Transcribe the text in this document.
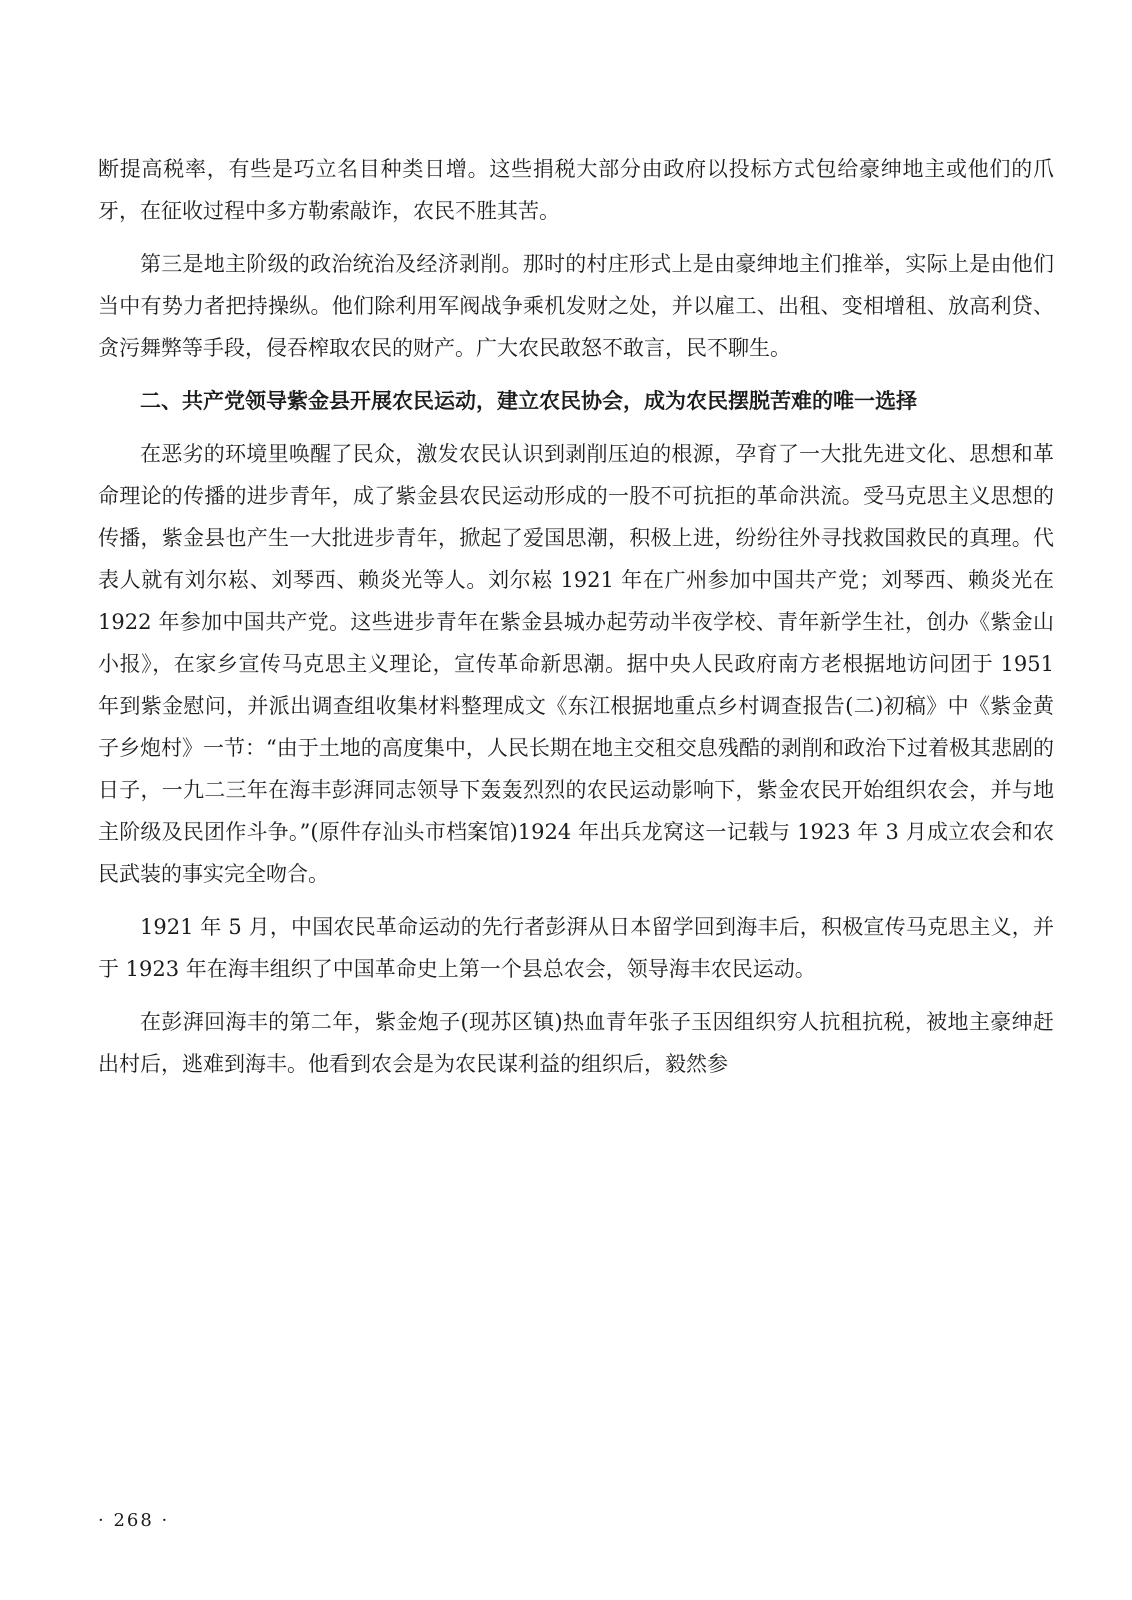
断提高税率，有些是巧立名目种类日增。这些捐税大部分由政府以投标方式包给豪绅地主或他们的爪牙，在征收过程中多方勒索敲诈，农民不胜其苦。

第三是地主阶级的政治统治及经济剥削。那时的村庄形式上是由豪绅地主们推举，实际上是由他们当中有势力者把持操纵。他们除利用军阀战争乘机发财之处，并以雇工、出租、变相增租、放高利贷、贪污舞弊等手段，侵吞榨取农民的财产。广大农民敢怒不敢言，民不聊生。

二、共产党领导紫金县开展农民运动，建立农民协会，成为农民摆脱苦难的唯一选择

在恶劣的环境里唤醒了民众，激发农民认识到剥削压迫的根源，孕育了一大批先进文化、思想和革命理论的传播的进步青年，成了紫金县农民运动形成的一股不可抗拒的革命洪流。受马克思主义思想的传播，紫金县也产生一大批进步青年，掀起了爱国思潮，积极上进，纷纷往外寻找救国救民的真理。代表人就有刘尔崧、刘琴西、赖炎光等人。刘尔崧 1921 年在广州参加中国共产党；刘琴西、赖炎光在 1922 年参加中国共产党。这些进步青年在紫金县城办起劳动半夜学校、青年新学生社，创办《紫金山小报》，在家乡宣传马克思主义理论，宣传革命新思潮。据中央人民政府南方老根据地访问团于 1951 年到紫金慰问，并派出调查组收集材料整理成文《东江根据地重点乡村调查报告(二)初稿》中《紫金黄子乡炮村》一节：“由于土地的高度集中，人民长期在地主交租交息残酷的剥削和政治下过着极其悲剧的日子，一九二三年在海丰彭湃同志领导下轰轰烈烈的农民运动影响下，紫金农民开始组织农会，并与地主阶级及民团作斗争。”(原件存汕头市档案馆)1924 年出兵龙窝这一记载与 1923 年 3 月成立农会和农民武装的事实完全吻合。

1921 年 5 月，中国农民革命运动的先行者彭湃从日本留学回到海丰后，积极宣传马克思主义，并于 1923 年在海丰组织了中国革命史上第一个县总农会，领导海丰农民运动。

在彭湃回海丰的第二年，紫金炮子(现苏区镇)热血青年张子玉因组织穷人抗租抗税，被地主豪绅赶出村后，逃难到海丰。他看到农会是为农民谋利益的组织后，毅然参

· 268 ·
